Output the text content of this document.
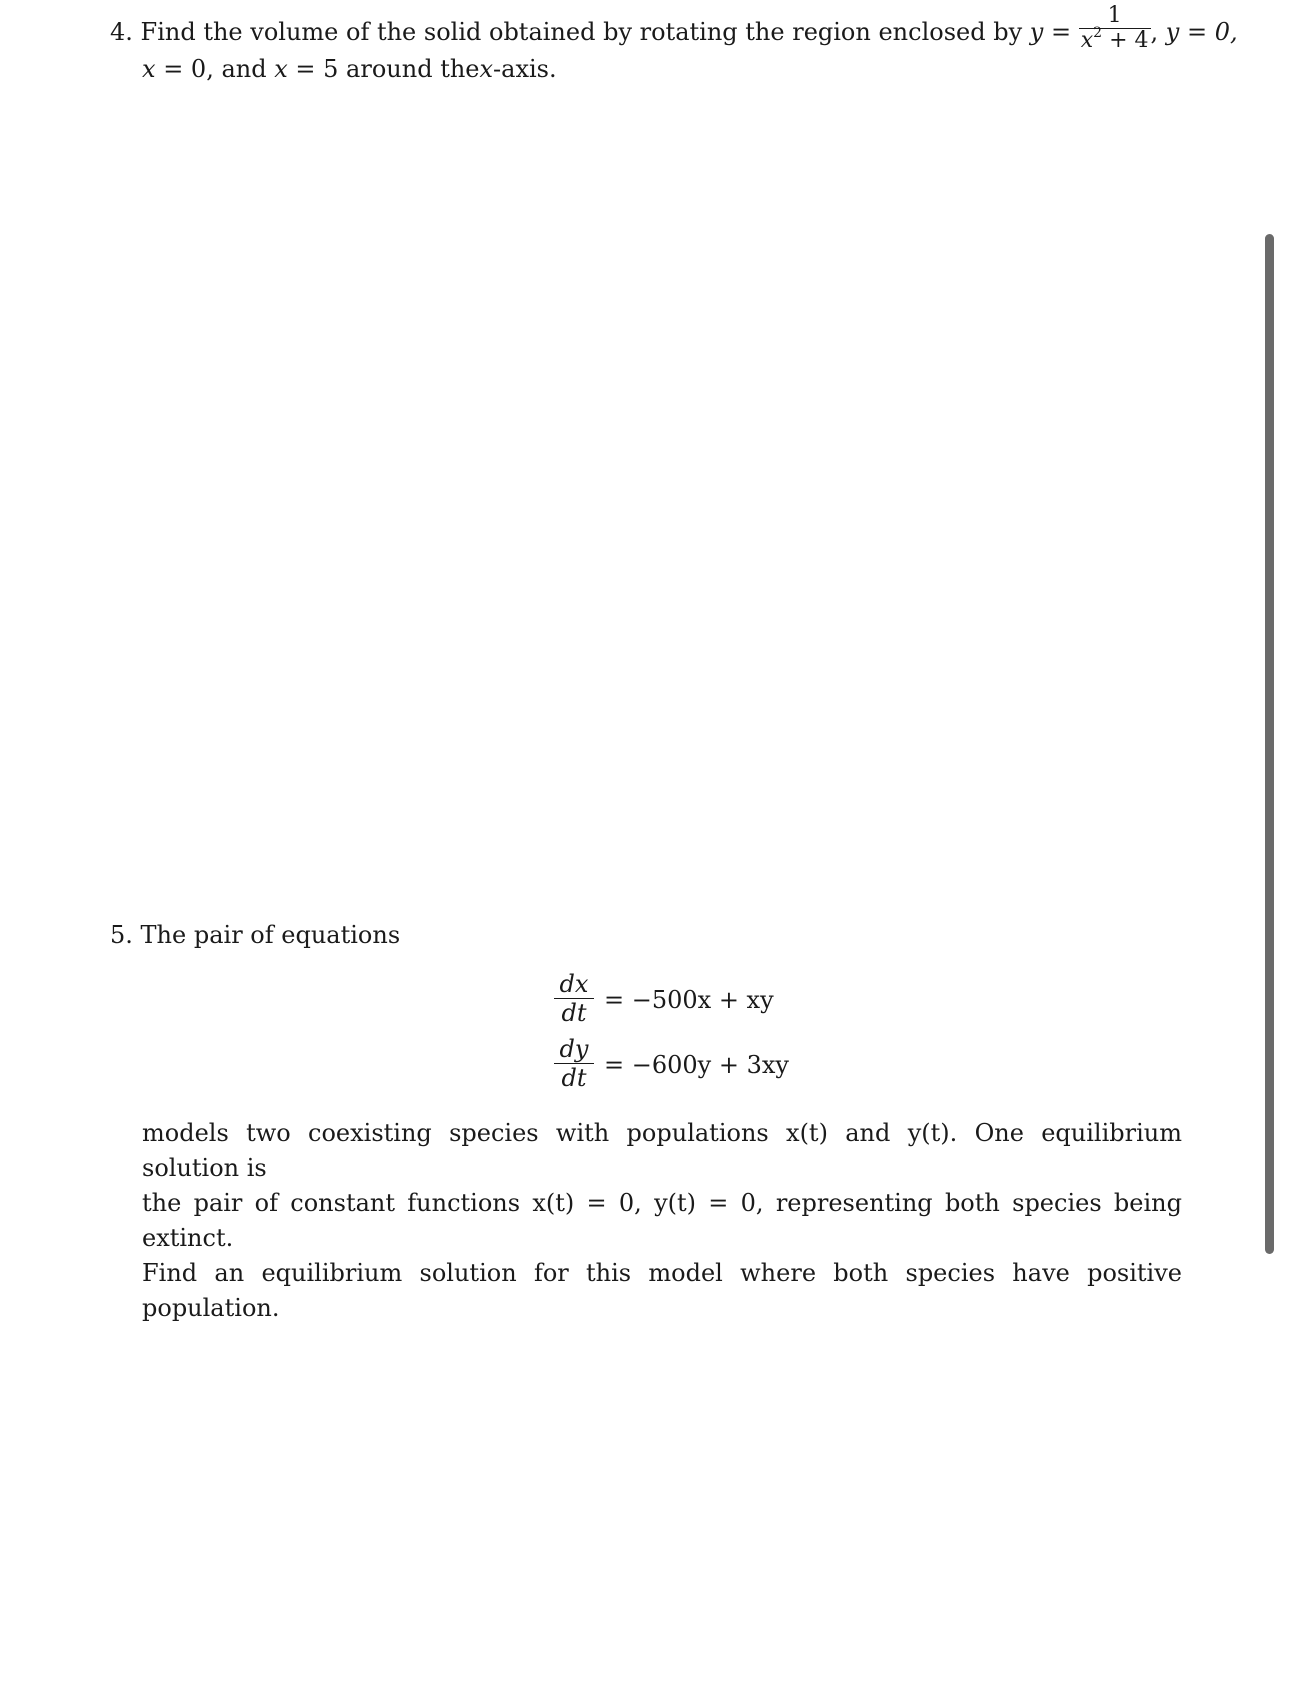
4. Find the volume of the solid obtained by rotating the region enclosed by $y = \frac{1}{x^2 + 4}$ , y = 0,
x = 0, and x = 5 around thex-axis.
5. The pair of equations
$\frac{dx}{dt} = -500x$ + xy
$\frac{dy}{dt} = -600y + 3xy$
models two coexisting species with populations x(t) and y(t). One equilibrium solution is
the pair of constant functions x(t) = 0, y(t) = 0, representing both species being extinct.
Find an equilibrium solution for this model where both species have positive population.
